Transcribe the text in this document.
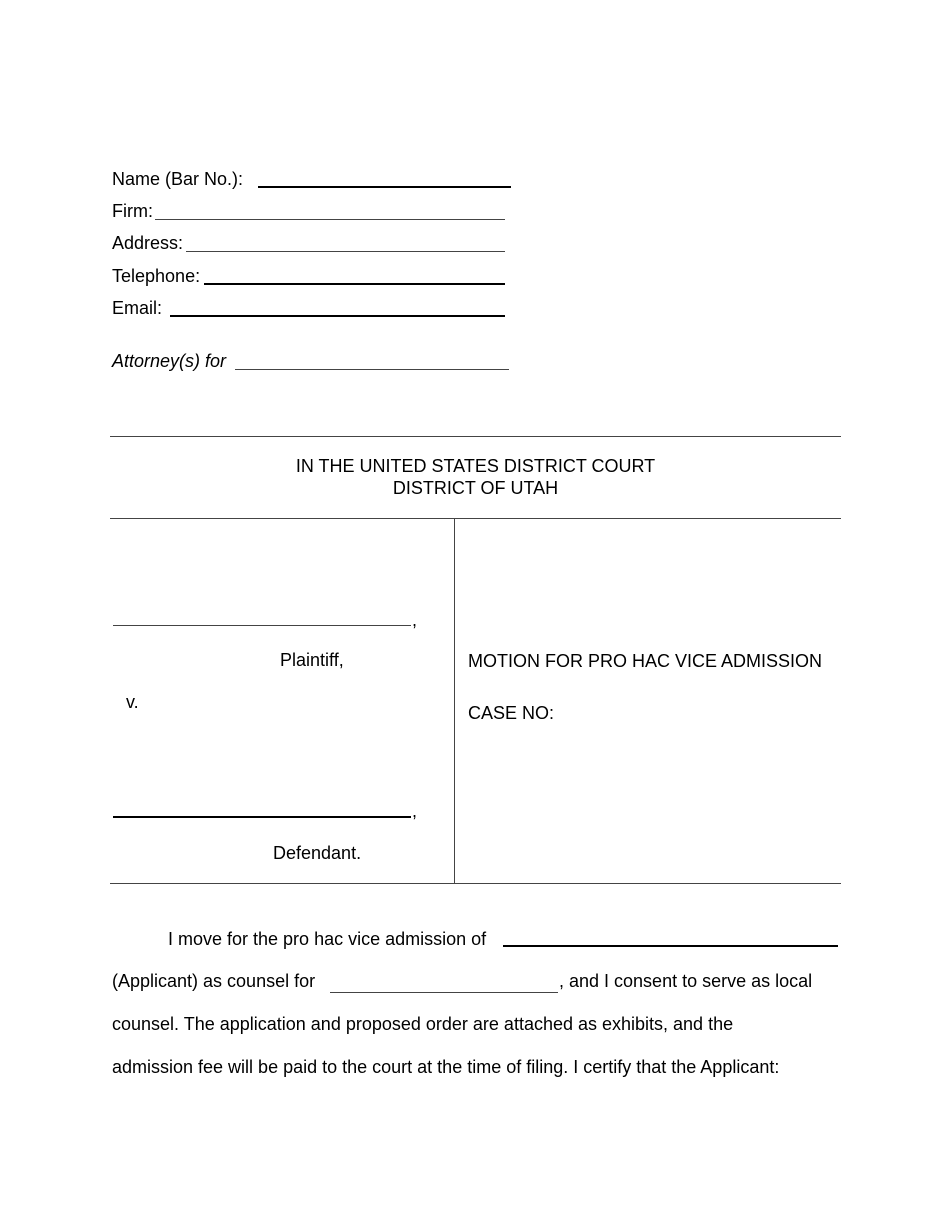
Name (Bar No.):
Firm:
Address:
Telephone:
Email:
Attorney(s) for
IN THE UNITED STATES DISTRICT COURT
DISTRICT OF UTAH
,
Plaintiff,
v.
,
Defendant.
MOTION FOR PRO HAC VICE ADMISSION
CASE NO:
I move for the pro hac vice admission of
(Applicant) as counsel for	, and I consent to serve as local
counsel. The application and proposed order are attached as exhibits, and the
admission fee will be paid to the court at the time of filing. I certify that the Applicant:
